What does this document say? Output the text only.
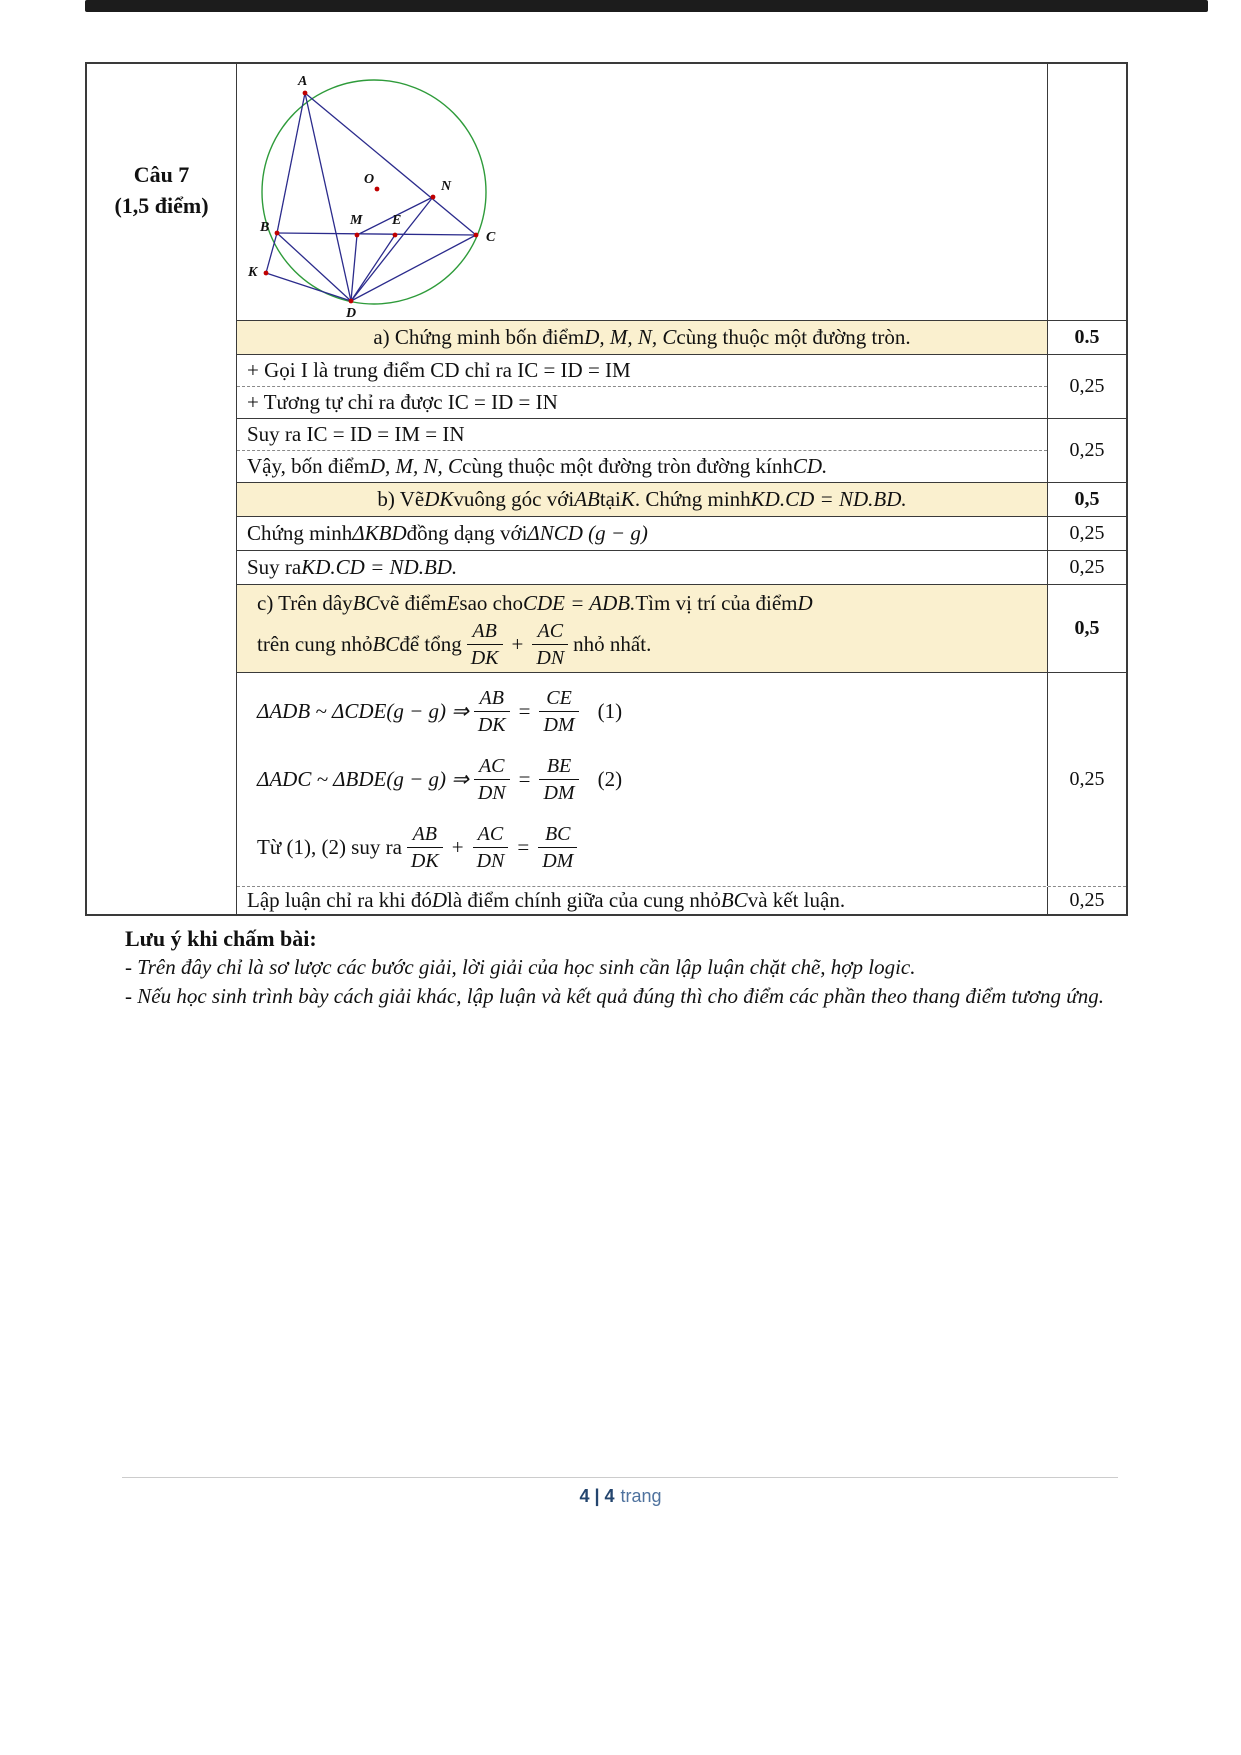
Câu 7
(1,5 điểm)
A
O	N
B	M E
C
K
D
a) Chứng minh bốn điểm D, M, N, C cùng thuộc một đường tròn.	0.5
+ Gọi I là trung điểm CD chỉ ra IC = ID = IM
+ Tương tự chỉ ra được IC = ID = IN
0,25
Suy ra IC = ID = IM = IN
Vậy, bốn điểm D, M, N, C cùng thuộc một đường tròn đường kính CD.
0,25
b) Vẽ DK vuông góc với AB tại K . Chứng minh KD.CD = ND.BD.	0,5
Chứng minh ΔKBD đồng dạng với ΔNCD (g − g)	0,25
Suy ra KD.CD = ND.BD.	0,25
c) Trên dây BC vẽ điểm E sao cho CDE = ADB. Tìm vị trí của điểm D
trên cung nhỏ BC để tổng $\frac{AB}{DK} + \frac{AC}{DN}$ nhỏ nhất.
0,5
ΔADB ~ ΔCDE(g − g) ⇒ $\frac{AB}{DK} = \frac{CE}{DM} (1)$
ΔADC ~ ΔBDE(g − g) ⇒ $\frac{AC}{DN} = \frac{BE}{DM} (2)$
Từ (1), (2) suy ra $\frac{AB}{DK} + \frac{AC}{DN} = \frac{BC}{DM}$
0,25
Lập luận chỉ ra khi đó D là điểm chính giữa của cung nhỏ BC và kết luận.	0,25
Lưu ý khi chấm bài:
- Trên đây chỉ là sơ lược các bước giải, lời giải của học sinh cần lập luận chặt chẽ, hợp logic.
- Nếu học sinh trình bày cách giải khác, lập luận và kết quả đúng thì cho điểm các phần theo thang điểm tương ứng.
4 | 4 trang
